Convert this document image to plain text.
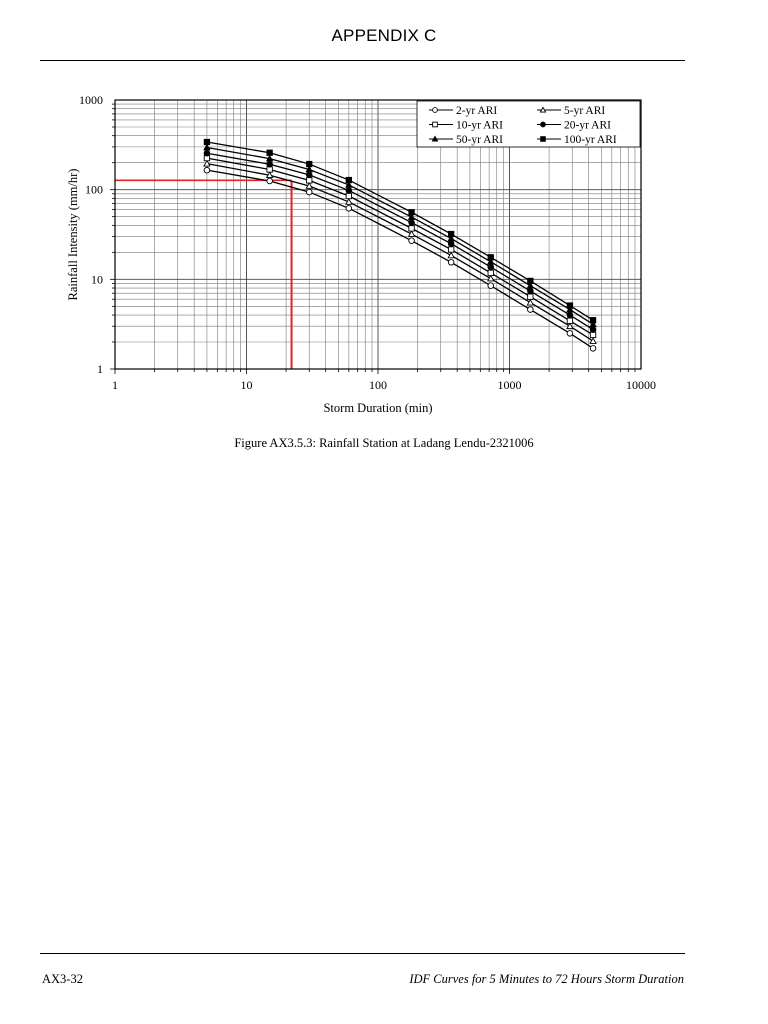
APPENDIX C
1	10	100	1000	10000
1
10
100
1000
2-yr ARI	5-yr ARI
10-yr ARI	20-yr ARI
50-yr ARI	100-yr ARI
Storm Duration (min)
Rainfall Intensity (mm/hr)
Figure AX3.5.3: Rainfall Station at Ladang Lendu-2321006
AX3-32	IDF Curves for 5 Minutes to 72 Hours Storm Duration
